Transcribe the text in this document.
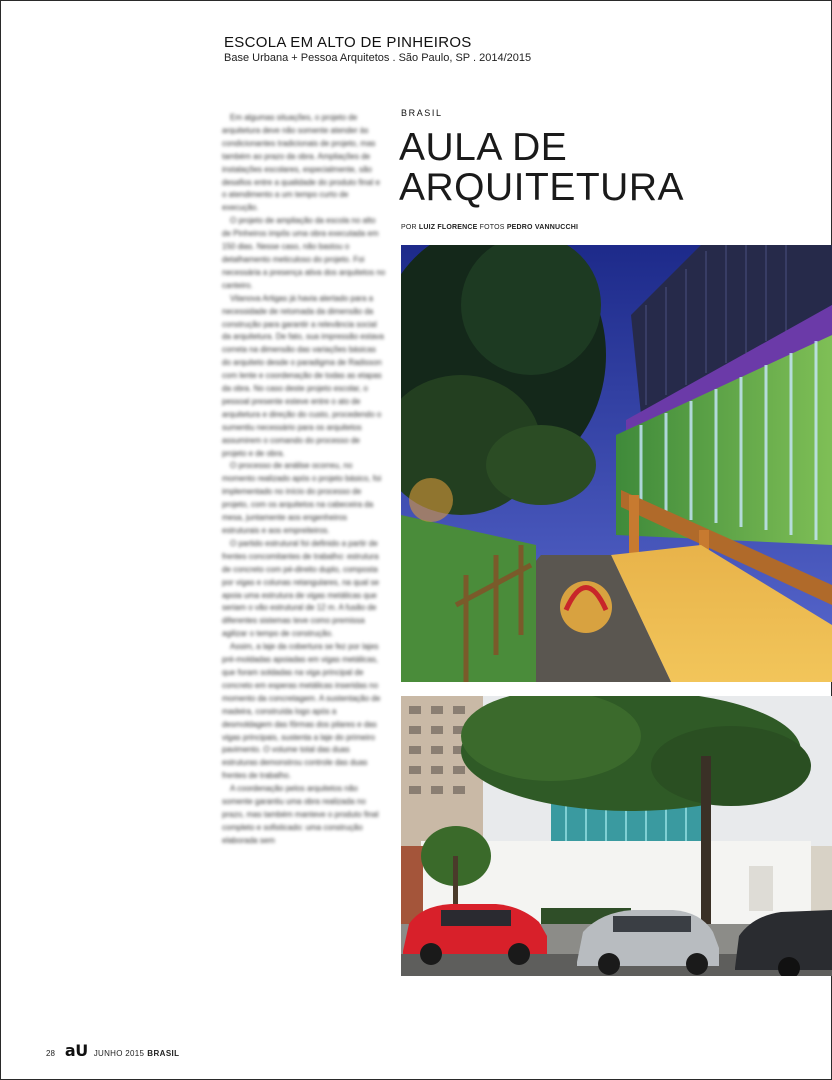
ESCOLA EM ALTO DE PINHEIROS
Base Urbana + Pessoa Arquitetos . São Paulo, SP . 2014/2015

Em algumas situações, o projeto de arquitetura deve não somente atender às condicionantes tradicionais de projeto, mas também ao prazo da obra. Ampliações de instalações escolares, especialmente, são desafios entre a qualidade do produto final e o atendimento a um tempo curto de execução.

O projeto de ampliação da escola no alto de Pinheiros impôs uma obra executada em 150 dias. Nesse caso, não bastou o detalhamento meticuloso do projeto. Foi necessária a presença ativa dos arquitetos no canteiro.

Vilanova Artigas já havia alertado para a necessidade de retomada da dimensão da construção para garantir a relevância social da arquitetura. De fato, sua impressão estava correta na dimensão das variações básicas do arquiteto desde o paradigma de Radisson com lente e coordenação de todas as etapas da obra. No caso deste projeto escolar, o pessoal presente esteve entre o ato de arquitetura e direção do custo, procedendo o sumentiu necessário para os arquitetos assumirem o comando do processo de projeto e de obra.

O processo de análise ocorreu, no momento realizado após o projeto básico, foi implementado no início do processo de projeto, com os arquitetos na cabeceira da mesa, juntamente aos engenheiros estruturais e aos empreiteiros.

O partido estrutural foi definido a partir de frentes concomitantes de trabalho: estrutura de concreto com pé-direito duplo, composta por vigas e colunas retangulares, na qual se apoia uma estrutura de vigas metálicas que seriam o vão estrutural de 12 m. A fusão de diferentes sistemas teve como premissa agilizar o tempo de construção.

Assim, a laje da cobertura se fez por lajes pré-moldadas apoiadas em vigas metálicas, que foram soldadas na viga principal de concreto em esperas metálicas inseridas no momento da concretagem. A sustentação de madeira, construída logo após a desmoldagem das fôrmas dos pilares e das vigas principais, sustenta a laje do primeiro pavimento. O volume total das duas estruturas demonstrou controle das duas frentes de trabalho.

A coordenação pelos arquitetos não somente garantiu uma obra realizada no prazo, mas também manteve o produto final completo e sofisticado: uma construção elaborada sem

BRASIL
AULA DE
ARQUITETURA
POR LUIZ FLORENCE FOTOS PEDRO VANNUCCHI
28 aU JUNHO 2015 BRASIL
